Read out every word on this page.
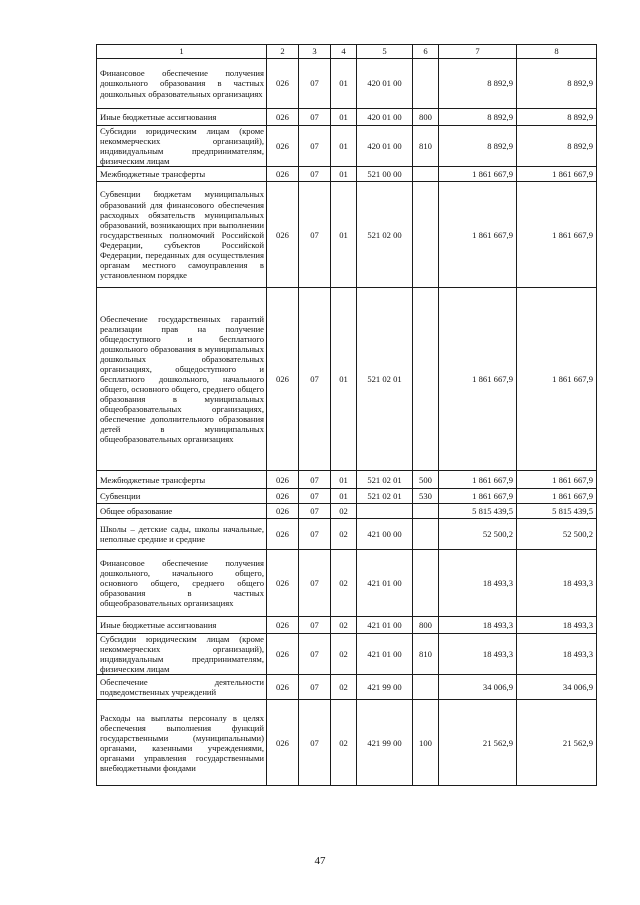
1	2	3	4	5	6	7	8
Финансовое обеспечение получения дошкольного образования в частных дошкольных образовательных организациях	026	07	01	420 01 00		8 892,9	8 892,9
Иные бюджетные ассигнования	026	07	01	420 01 00	800	8 892,9	8 892,9
Субсидии юридическим лицам (кроме некоммерческих организаций), индивидуальным предпринимателям, физическим лицам	026	07	01	420 01 00	810	8 892,9	8 892,9
Межбюджетные трансферты	026	07	01	521 00 00		1 861 667,9	1 861 667,9
Субвенции бюджетам муниципальных образований для финансового обеспечения расходных обязательств муниципальных образований, возникающих при выполнении государственных полномочий Российской Федерации, субъектов Российской Федерации, переданных для осуществления органам местного самоуправления в установленном порядке	026	07	01	521 02 00		1 861 667,9	1 861 667,9
Обеспечение государственных гарантий реализации прав на получение общедоступного и бесплатного дошкольного образования в муниципальных дошкольных образовательных организациях, общедоступного и бесплатного дошкольного, начального общего, основного общего, среднего общего образования в муниципальных общеобразовательных организациях, обеспечение дополнительного образования детей в муниципальных общеобразовательных организациях	026	07	01	521 02 01		1 861 667,9	1 861 667,9
Межбюджетные трансферты	026	07	01	521 02 01	500	1 861 667,9	1 861 667,9
Субвенции	026	07	01	521 02 01	530	1 861 667,9	1 861 667,9
Общее образование	026	07	02			5 815 439,5	5 815 439,5
Школы – детские сады, школы начальные, неполные средние и средние	026	07	02	421 00 00		52 500,2	52 500,2
Финансовое обеспечение получения дошкольного, начального общего, основного общего, среднего общего образования в частных общеобразовательных организациях	026	07	02	421 01 00		18 493,3	18 493,3
Иные бюджетные ассигнования	026	07	02	421 01 00	800	18 493,3	18 493,3
Субсидии юридическим лицам (кроме некоммерческих организаций), индивидуальным предпринимателям, физическим лицам	026	07	02	421 01 00	810	18 493,3	18 493,3
Обеспечение деятельности подведомственных учреждений	026	07	02	421 99 00		34 006,9	34 006,9
Расходы на выплаты персоналу в целях обеспечения выполнения функций государственными (муниципальными) органами, казенными учреждениями, органами управления государственными внебюджетными фондами	026	07	02	421 99 00	100	21 562,9	21 562,9
47
